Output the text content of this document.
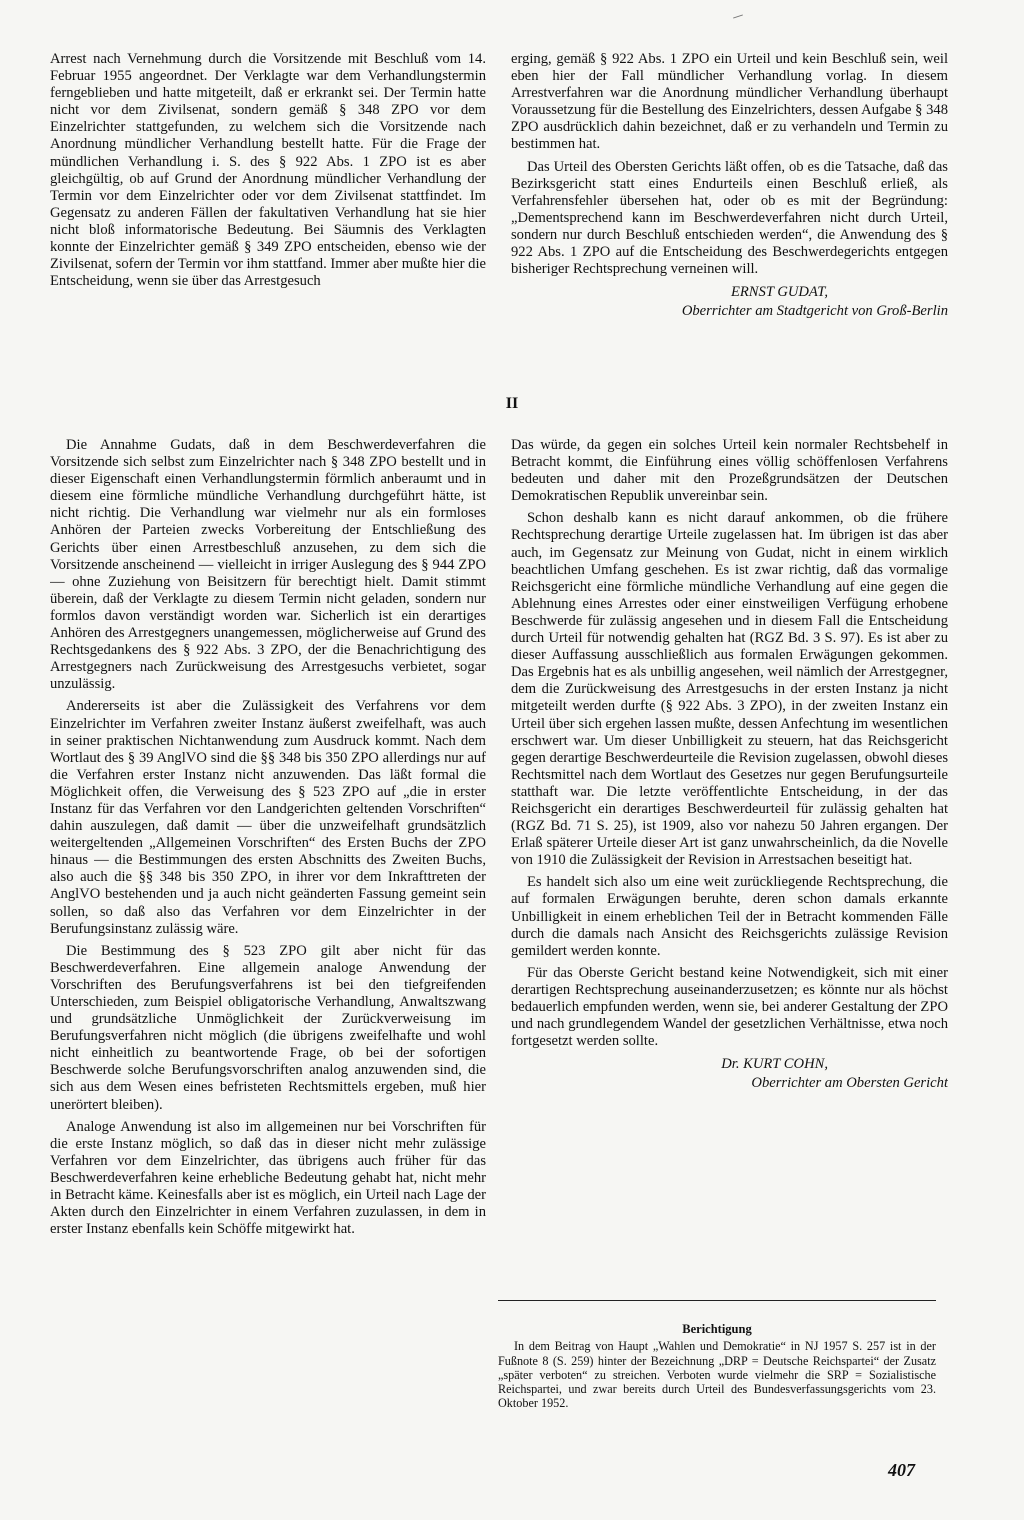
Arrest nach Vernehmung durch die Vorsitzende mit Beschluß vom 14. Februar 1955 angeordnet. Der Verklagte war dem Verhandlungstermin ferngeblieben und hatte mitgeteilt, daß er erkrankt sei. Der Termin hatte nicht vor dem Zivilsenat, sondern gemäß § 348 ZPO vor dem Einzelrichter stattgefunden, zu welchem sich die Vorsitzende nach Anordnung mündlicher Verhandlung bestellt hatte. Für die Frage der mündlichen Verhandlung i. S. des § 922 Abs. 1 ZPO ist es aber gleichgültig, ob auf Grund der Anordnung mündlicher Verhandlung der Termin vor dem Einzelrichter oder vor dem Zivilsenat stattfindet. Im Gegensatz zu anderen Fällen der fakultativen Verhandlung hat sie hier nicht bloß informatorische Bedeutung. Bei Säumnis des Verklagten konnte der Einzelrichter gemäß § 349 ZPO entscheiden, ebenso wie der Zivilsenat, sofern der Termin vor ihm stattfand. Immer aber mußte hier die Entscheidung, wenn sie über das Arrestgesuch

erging, gemäß § 922 Abs. 1 ZPO ein Urteil und kein Beschluß sein, weil eben hier der Fall mündlicher Verhandlung vorlag. In diesem Arrestverfahren war die Anordnung mündlicher Verhandlung überhaupt Voraussetzung für die Bestellung des Einzelrichters, dessen Aufgabe § 348 ZPO ausdrücklich dahin bezeichnet, daß er zu verhandeln und Termin zu bestimmen hat.

Das Urteil des Obersten Gerichts läßt offen, ob es die Tatsache, daß das Bezirksgericht statt eines Endurteils einen Beschluß erließ, als Verfahrensfehler übersehen hat, oder ob es mit der Begründung: „Dementsprechend kann im Beschwerdeverfahren nicht durch Urteil, sondern nur durch Beschluß entschieden werden“, die Anwendung des § 922 Abs. 1 ZPO auf die Entscheidung des Beschwerdegerichts entgegen bisheriger Rechtsprechung verneinen will.

ERNST GUDAT,
Oberrichter am Stadtgericht von Groß-Berlin
II

Die Annahme Gudats, daß in dem Beschwerdeverfahren die Vorsitzende sich selbst zum Einzelrichter nach § 348 ZPO bestellt und in dieser Eigenschaft einen Verhandlungstermin förmlich anberaumt und in diesem eine förmliche mündliche Verhandlung durchgeführt hätte, ist nicht richtig. Die Verhandlung war vielmehr nur als ein formloses Anhören der Parteien zwecks Vorbereitung der Entschließung des Gerichts über einen Arrestbeschluß anzusehen, zu dem sich die Vorsitzende anscheinend — vielleicht in irriger Auslegung des § 944 ZPO — ohne Zuziehung von Beisitzern für berechtigt hielt. Damit stimmt überein, daß der Verklagte zu diesem Termin nicht geladen, sondern nur formlos davon verständigt worden war. Sicherlich ist ein derartiges Anhören des Arrestgegners unangemessen, möglicherweise auf Grund des Rechtsgedankens des § 922 Abs. 3 ZPO, der die Benachrichtigung des Arrestgegners nach Zurückweisung des Arrestgesuchs verbietet, sogar unzulässig.

Andererseits ist aber die Zulässigkeit des Verfahrens vor dem Einzelrichter im Verfahren zweiter Instanz äußerst zweifelhaft, was auch in seiner praktischen Nichtanwendung zum Ausdruck kommt. Nach dem Wortlaut des § 39 AnglVO sind die §§ 348 bis 350 ZPO allerdings nur auf die Verfahren erster Instanz nicht anzuwenden. Das läßt formal die Möglichkeit offen, die Verweisung des § 523 ZPO auf „die in erster Instanz für das Verfahren vor den Landgerichten geltenden Vorschriften“ dahin auszulegen, daß damit — über die unzweifelhaft grundsätzlich weitergeltenden „Allgemeinen Vorschriften“ des Ersten Buchs der ZPO hinaus — die Bestimmungen des ersten Abschnitts des Zweiten Buchs, also auch die §§ 348 bis 350 ZPO, in ihrer vor dem Inkrafttreten der AnglVO bestehenden und ja auch nicht geänderten Fassung gemeint sein sollen, so daß also das Verfahren vor dem Einzelrichter in der Berufungsinstanz zulässig wäre.

Die Bestimmung des § 523 ZPO gilt aber nicht für das Beschwerdeverfahren. Eine allgemein analoge Anwendung der Vorschriften des Berufungsverfahrens ist bei den tiefgreifenden Unterschieden, zum Beispiel obligatorische Verhandlung, Anwaltszwang und grundsätzliche Unmöglichkeit der Zurückverweisung im Berufungsverfahren nicht möglich (die übrigens zweifelhafte und wohl nicht einheitlich zu beantwortende Frage, ob bei der sofortigen Beschwerde solche Berufungsvorschriften analog anzuwenden sind, die sich aus dem Wesen eines befristeten Rechtsmittels ergeben, muß hier unerörtert bleiben).

Analoge Anwendung ist also im allgemeinen nur bei Vorschriften für die erste Instanz möglich, so daß das in dieser nicht mehr zulässige Verfahren vor dem Einzelrichter, das übrigens auch früher für das Beschwerdeverfahren keine erhebliche Bedeutung gehabt hat, nicht mehr in Betracht käme. Keinesfalls aber ist es möglich, ein Urteil nach Lage der Akten durch den Einzelrichter in einem Verfahren zuzulassen, in dem in erster Instanz ebenfalls kein Schöffe mitgewirkt hat.

Das würde, da gegen ein solches Urteil kein normaler Rechtsbehelf in Betracht kommt, die Einführung eines völlig schöffenlosen Verfahrens bedeuten und daher mit den Prozeßgrundsätzen der Deutschen Demokratischen Republik unvereinbar sein.

Schon deshalb kann es nicht darauf ankommen, ob die frühere Rechtsprechung derartige Urteile zugelassen hat. Im übrigen ist das aber auch, im Gegensatz zur Meinung von Gudat, nicht in einem wirklich beachtlichen Umfang geschehen. Es ist zwar richtig, daß das vormalige Reichsgericht eine förmliche mündliche Verhandlung auf eine gegen die Ablehnung eines Arrestes oder einer einstweiligen Verfügung erhobene Beschwerde für zulässig angesehen und in diesem Fall die Entscheidung durch Urteil für notwendig gehalten hat (RGZ Bd. 3 S. 97). Es ist aber zu dieser Auffassung ausschließlich aus formalen Erwägungen gekommen. Das Ergebnis hat es als unbillig angesehen, weil nämlich der Arrestgegner, dem die Zurückweisung des Arrestgesuchs in der ersten Instanz ja nicht mitgeteilt werden durfte (§ 922 Abs. 3 ZPO), in der zweiten Instanz ein Urteil über sich ergehen lassen mußte, dessen Anfechtung im wesentlichen erschwert war. Um dieser Unbilligkeit zu steuern, hat das Reichsgericht gegen derartige Beschwerdeurteile die Revision zugelassen, obwohl dieses Rechtsmittel nach dem Wortlaut des Gesetzes nur gegen Berufungsurteile statthaft war. Die letzte veröffentlichte Entscheidung, in der das Reichsgericht ein derartiges Beschwerdeurteil für zulässig gehalten hat (RGZ Bd. 71 S. 25), ist 1909, also vor nahezu 50 Jahren ergangen. Der Erlaß späterer Urteile dieser Art ist ganz unwahrscheinlich, da die Novelle von 1910 die Zulässigkeit der Revision in Arrestsachen beseitigt hat.

Es handelt sich also um eine weit zurückliegende Rechtsprechung, die auf formalen Erwägungen beruhte, deren schon damals erkannte Unbilligkeit in einem erheblichen Teil der in Betracht kommenden Fälle durch die damals nach Ansicht des Reichsgerichts zulässige Revision gemildert werden konnte.

Für das Oberste Gericht bestand keine Notwendigkeit, sich mit einer derartigen Rechtsprechung auseinanderzusetzen; es könnte nur als höchst bedauerlich empfunden werden, wenn sie, bei anderer Gestaltung der ZPO und nach grundlegendem Wandel der gesetzlichen Verhältnisse, etwa noch fortgesetzt werden sollte.

Dr. KURT COHN,
Oberrichter am Obersten Gericht
Berichtigung

In dem Beitrag von Haupt „Wahlen und Demokratie“ in NJ 1957 S. 257 ist in der Fußnote 8 (S. 259) hinter der Bezeichnung „DRP = Deutsche Reichspartei“ der Zusatz „später verboten“ zu streichen. Verboten wurde vielmehr die SRP = Sozialistische Reichspartei, und zwar bereits durch Urteil des Bundesverfassungsgerichts vom 23. Oktober 1952.

407
